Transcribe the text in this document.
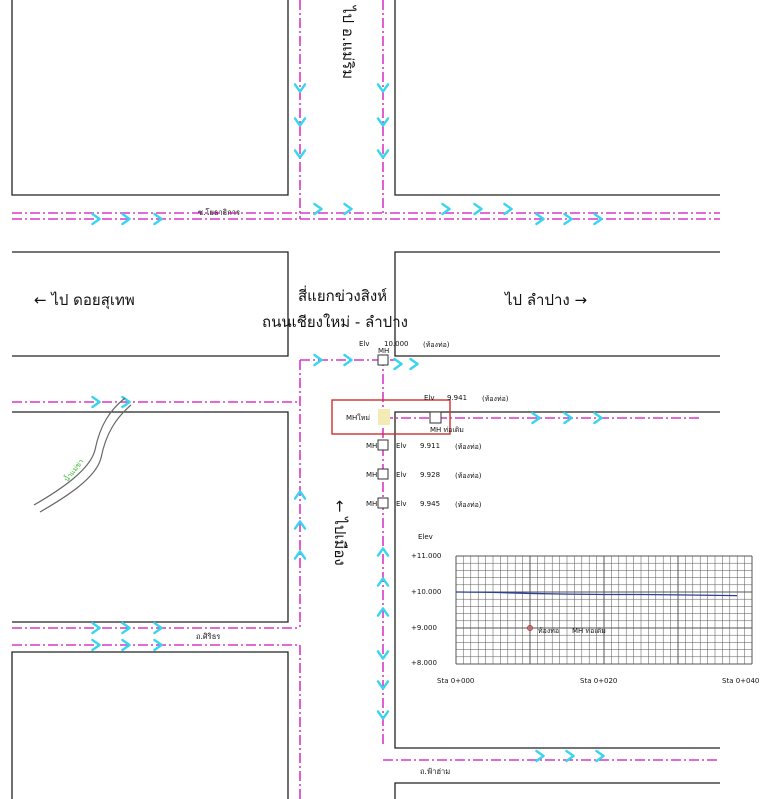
ไป อ.แม่ริม
← ไป ดอยสุเทพ	ไป ลำปาง →
สี่แยกข่วงสิงห์
ถนนเชียงใหม่ - ลำปาง
ซ.โยธาธิการ
← ไปเมือง
ถ.ศิริธร
ถ.ฟ้าฮ่าม
น้ำแม่ข่า
MHใหม่
MH ท่อเดิม
MH
Elv 10.000 (ท้องท่อ)
Elv 9.941 (ท้องท่อ)
MH	Elv 9.911 (ท้องท่อ)
MH	Elv 9.928 (ท้องท่อ)
MH	Elv 9.945 (ท้องท่อ)
Elev
+11.000
+10.000
+9.000
+8.000
Sta 0+000	Sta 0+020	Sta 0+040
ท้องท่อ MH ท่อเดิม
